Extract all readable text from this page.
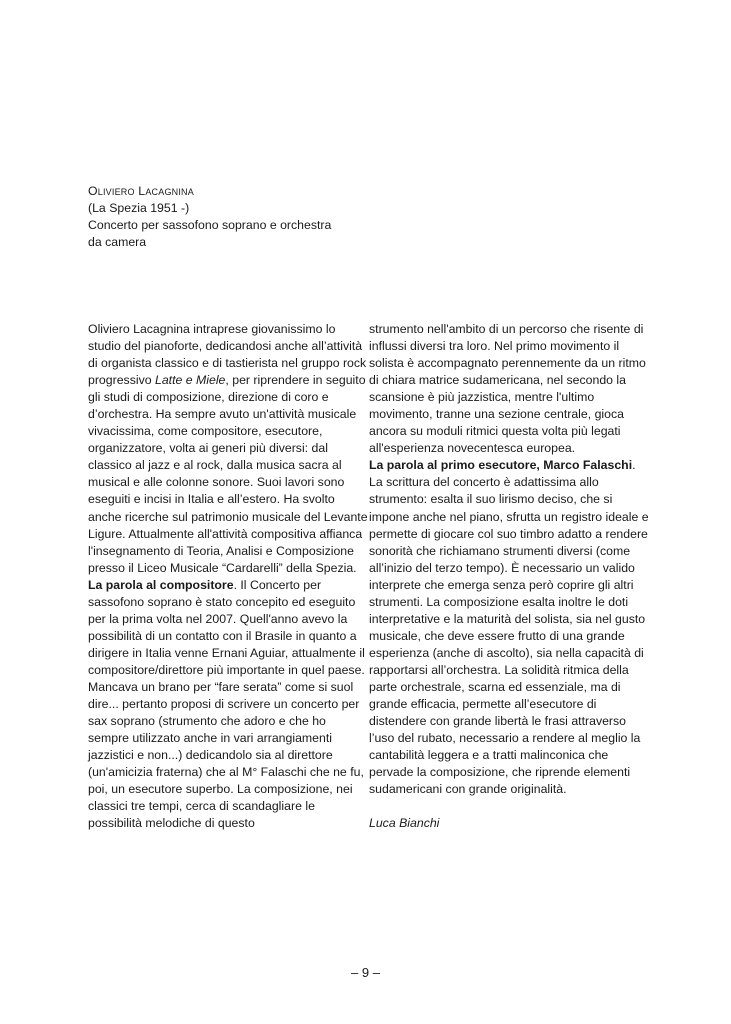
Oliviero Lacagnina
(La Spezia 1951 -)
Concerto per sassofono soprano e orchestra
da camera

Oliviero Lacagnina intraprese giovanissimo lo studio del pianoforte, dedicandosi anche all’attività di organista classico e di tastierista nel gruppo rock progressivo Latte e Miele, per riprendere in seguito gli studi di composizione, direzione di coro e d’orchestra. Ha sempre avuto un'attività musicale vivacissima, come compositore, esecutore, organizzatore, volta ai generi più diversi: dal classico al jazz e al rock, dalla musica sacra al musical e alle colonne sonore. Suoi lavori sono eseguiti e incisi in Italia e all’estero. Ha svolto anche ricerche sul patrimonio musicale del Levante Ligure. Attualmente all'attività compositiva affianca l'insegnamento di Teoria, Analisi e Composizione presso il Liceo Musicale “Cardarelli” della Spezia.

La parola al compositore. Il Concerto per sassofono soprano è stato concepito ed eseguito per la prima volta nel 2007. Quell'anno avevo la possibilità di un contatto con il Brasile in quanto a dirigere in Italia venne Ernani Aguiar, attualmente il compositore/direttore più importante in quel paese. Mancava un brano per “fare serata” come si suol dire... pertanto proposi di scrivere un concerto per sax soprano (strumento che adoro e che ho sempre utilizzato anche in vari arrangiamenti jazzistici e non...) dedicandolo sia al direttore (un'amicizia fraterna) che al M° Falaschi che ne fu, poi, un esecutore superbo. La composizione, nei classici tre tempi, cerca di scandagliare le possibilità melodiche di questo

strumento nell'ambito di un percorso che risente di influssi diversi tra loro. Nel primo movimento il solista è accompagnato perennemente da un ritmo di chiara matrice sudamericana, nel secondo la scansione è più jazzistica, mentre l'ultimo movimento, tranne una sezione centrale, gioca ancora su moduli ritmici questa volta più legati all'esperienza novecentesca europea.

La parola al primo esecutore, Marco Falaschi.

La scrittura del concerto è adattissima allo strumento: esalta il suo lirismo deciso, che si impone anche nel piano, sfrutta un registro ideale e permette di giocare col suo timbro adatto a rendere sonorità che richiamano strumenti diversi (come all’inizio del terzo tempo). È necessario un valido interprete che emerga senza però coprire gli altri strumenti. La composizione esalta inoltre le doti interpretative e la maturità del solista, sia nel gusto musicale, che deve essere frutto di una grande esperienza (anche di ascolto), sia nella capacità di rapportarsi all’orchestra. La solidità ritmica della parte orchestrale, scarna ed essenziale, ma di grande efficacia, permette all’esecutore di distendere con grande libertà le frasi attraverso l’uso del rubato, necessario a rendere al meglio la cantabilità leggera e a tratti malinconica che pervade la composizione, che riprende elementi sudamericani con grande originalità.

Luca Bianchi

– 9 –
